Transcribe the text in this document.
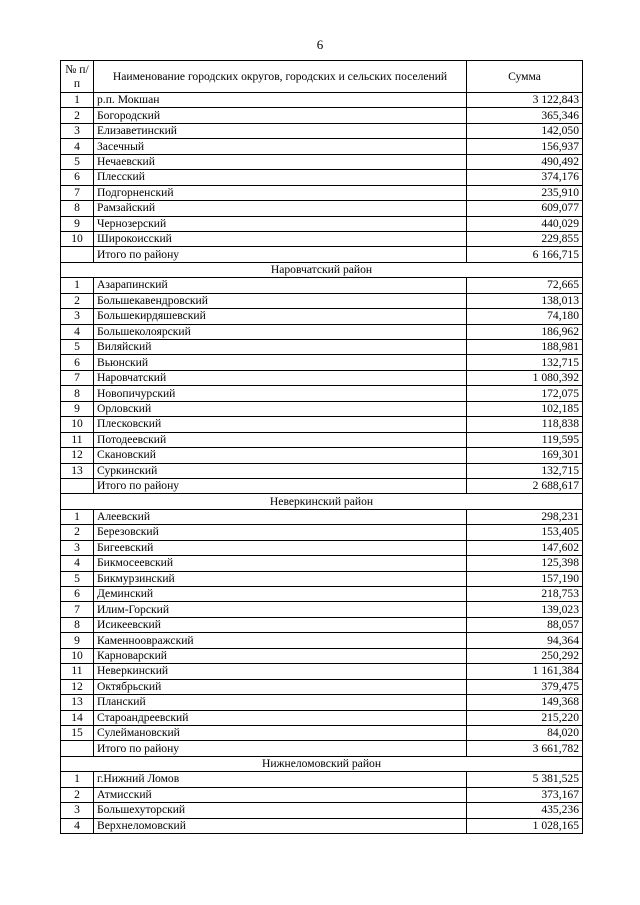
6
№ п/п	Наименование городских округов, городских и сельских поселений	Сумма
1	р.п. Мокшан	3 122,843
2	Богородский	365,346
3	Елизаветинский	142,050
4	Засечный	156,937
5	Нечаевский	490,492
6	Плесский	374,176
7	Подгорненский	235,910
8	Рамзайский	609,077
9	Чернозерский	440,029
10	Широкоисский	229,855
	Итого по району	6 166,715
Наровчатский район		
1	Азарапинский	72,665
2	Большекавендровский	138,013
3	Большекирдяшевский	74,180
4	Большеколоярский	186,962
5	Виляйский	188,981
6	Вьюнский	132,715
7	Наровчатский	1 080,392
8	Новопичурский	172,075
9	Орловский	102,185
10	Плесковский	118,838
11	Потодеевский	119,595
12	Скановский	169,301
13	Суркинский	132,715
	Итого по району	2 688,617
Неверкинский район		
1	Алеевский	298,231
2	Березовский	153,405
3	Бигеевский	147,602
4	Бикмосеевский	125,398
5	Бикмурзинский	157,190
6	Деминский	218,753
7	Илим-Горский	139,023
8	Исикеевский	88,057
9	Каменноовражский	94,364
10	Карноварский	250,292
11	Неверкинский	1 161,384
12	Октябрьский	379,475
13	Планский	149,368
14	Староандреевский	215,220
15	Сулеймановский	84,020
	Итого по району	3 661,782
Нижнеломовский район		
1	г.Нижний Ломов	5 381,525
2	Атмисский	373,167
3	Большехуторский	435,236
4	Верхнеломовский	1 028,165
